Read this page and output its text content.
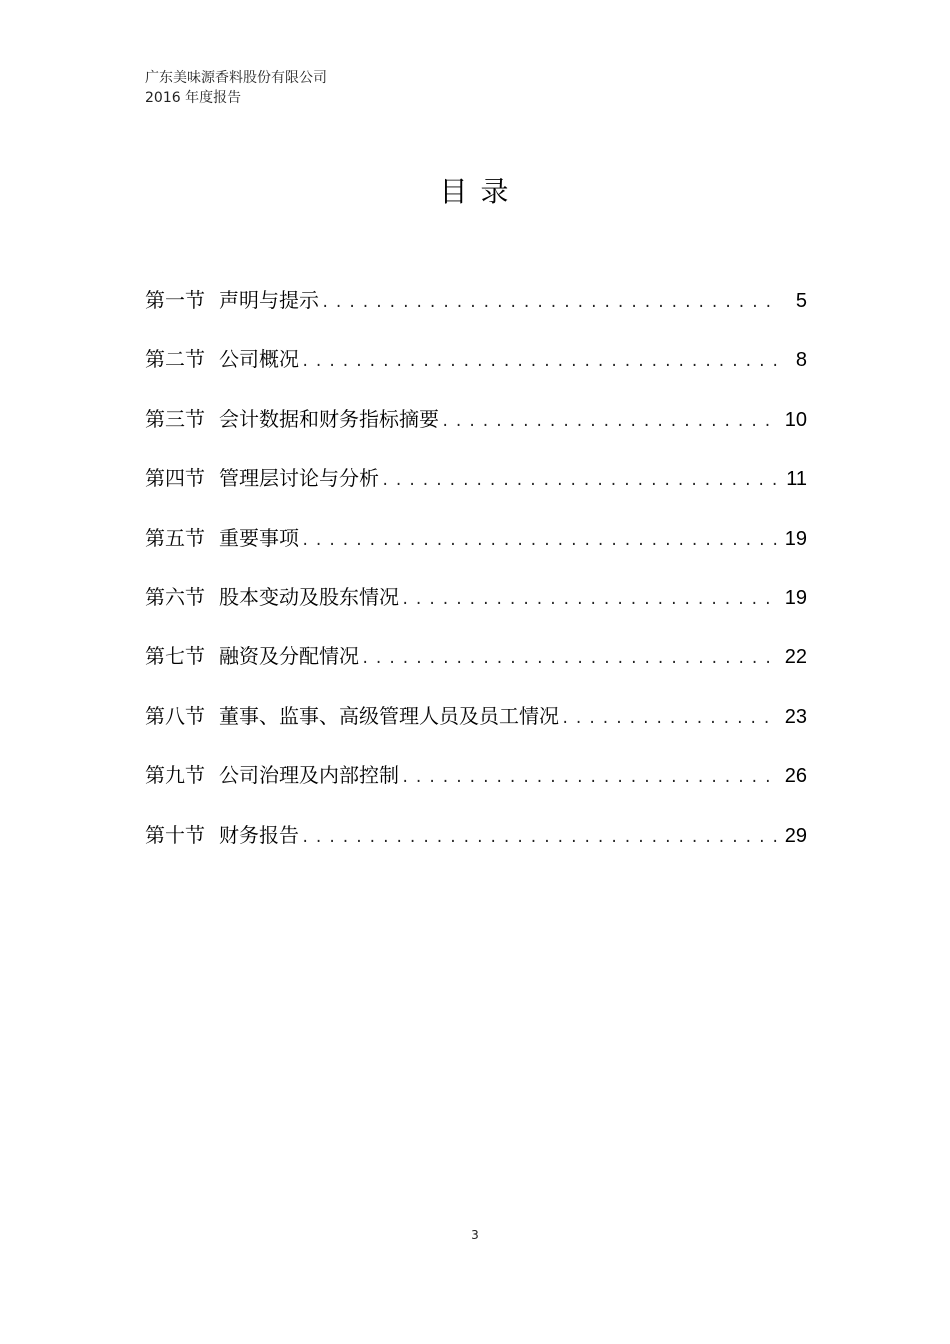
广东美味源香料股份有限公司
2016 年度报告
目 录
第一节 声明与提示 .....	5
第二节 公司概况 .....	8
第三节 会计数据和财务指标摘要 .....	10
第四节 管理层讨论与分析 .....	11
第五节 重要事项 .....	19
第六节 股本变动及股东情况 .....	19
第七节 融资及分配情况 .....	22
第八节 董事、监事、高级管理人员及员工情况 .....	23
第九节 公司治理及内部控制 .....	26
第十节 财务报告 .....	29
3
